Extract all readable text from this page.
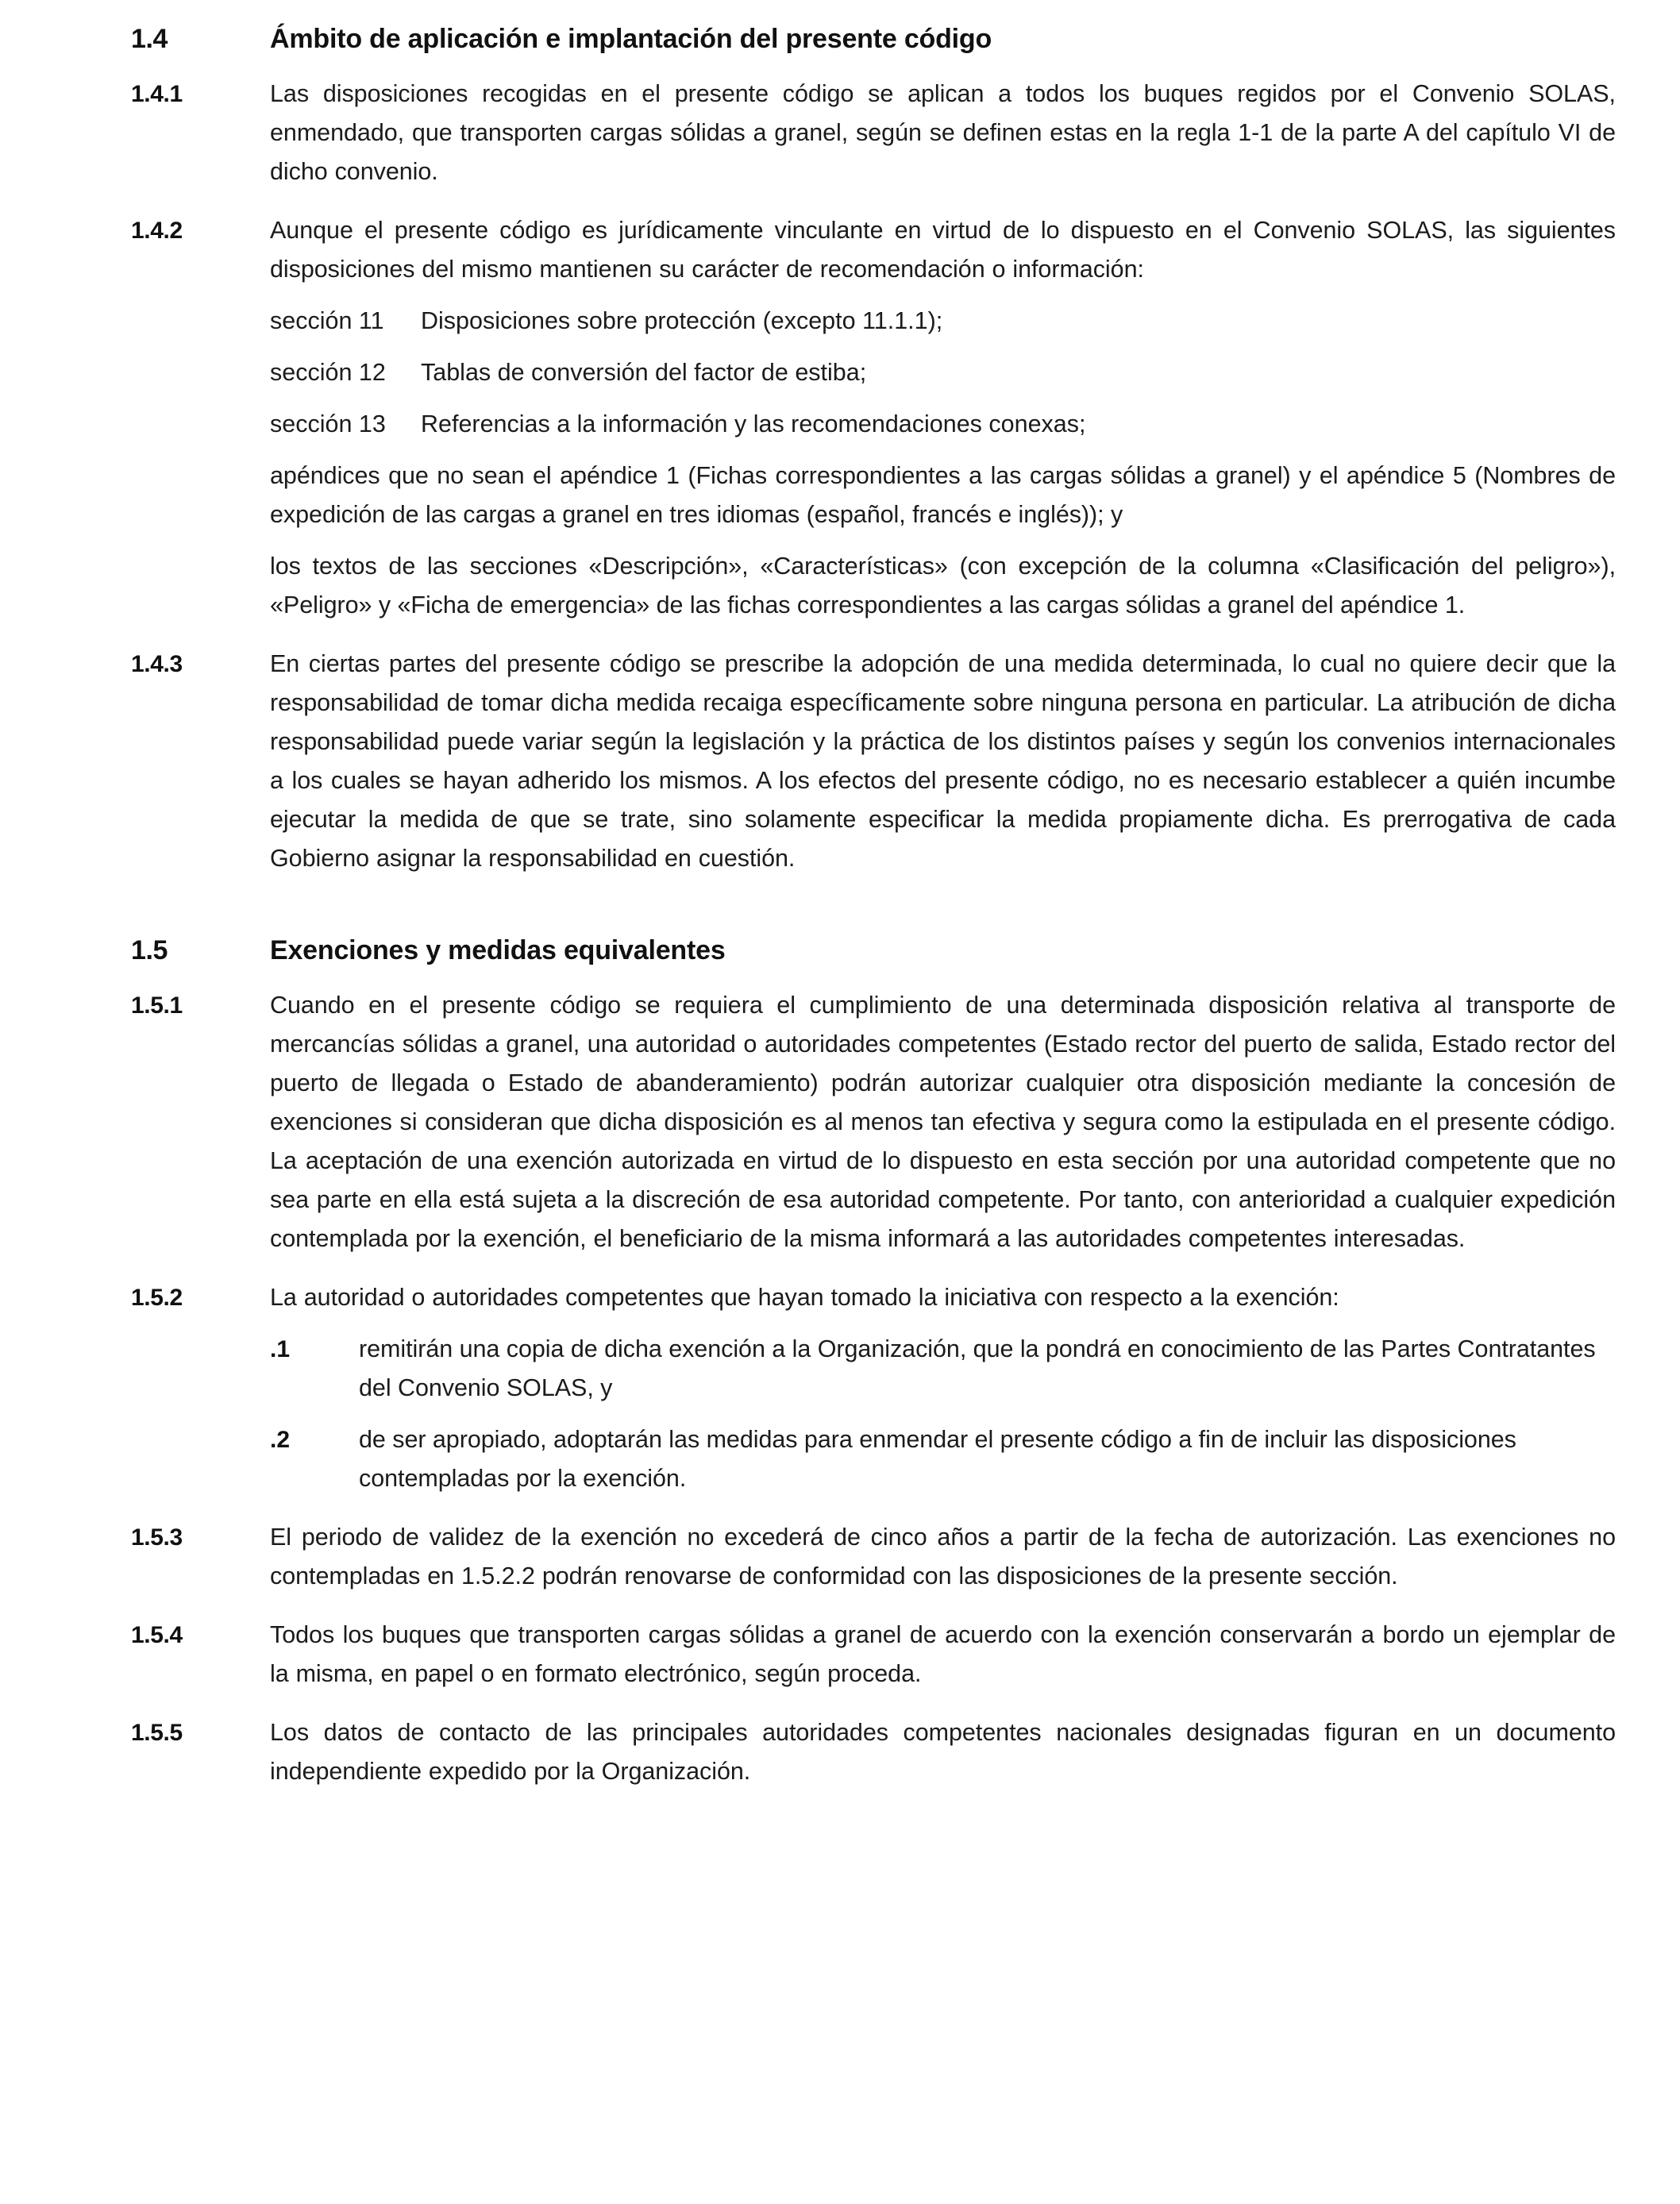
1.4	Ámbito de aplicación e implantación del presente código
1.4.1	Las disposiciones recogidas en el presente código se aplican a todos los buques regidos por el Convenio SOLAS, enmendado, que transporten cargas sólidas a granel, según se definen estas en la regla 1-1 de la parte A del capítulo VI de dicho convenio.
1.4.2	Aunque el presente código es jurídicamente vinculante en virtud de lo dispuesto en el Convenio SOLAS, las siguientes disposiciones del mismo mantienen su carácter de recomendación o información:
sección 11	Disposiciones sobre protección (excepto 11.1.1);
sección 12	Tablas de conversión del factor de estiba;
sección 13	Referencias a la información y las recomendaciones conexas;

apéndices que no sean el apéndice 1 (Fichas correspondientes a las cargas sólidas a granel) y el apéndice 5 (Nombres de expedición de las cargas a granel en tres idiomas (español, francés e inglés)); y

los textos de las secciones «Descripción», «Características» (con excepción de la columna «Clasificación del peligro»), «Peligro» y «Ficha de emergencia» de las fichas correspondientes a las cargas sólidas a granel del apéndice 1.

1.4.3	En ciertas partes del presente código se prescribe la adopción de una medida determinada, lo cual no quiere decir que la responsabilidad de tomar dicha medida recaiga específicamente sobre ninguna persona en particular. La atribución de dicha responsabilidad puede variar según la legislación y la práctica de los distintos países y según los convenios internacionales a los cuales se hayan adherido los mismos. A los efectos del presente código, no es necesario establecer a quién incumbe ejecutar la medida de que se trate, sino solamente especificar la medida propiamente dicha. Es prerrogativa de cada Gobierno asignar la responsabilidad en cuestión.
1.5	Exenciones y medidas equivalentes
1.5.1	Cuando en el presente código se requiera el cumplimiento de una determinada disposición relativa al transporte de mercancías sólidas a granel, una autoridad o autoridades competentes (Estado rector del puerto de salida, Estado rector del puerto de llegada o Estado de abanderamiento) podrán autorizar cualquier otra disposición mediante la concesión de exenciones si consideran que dicha disposición es al menos tan efectiva y segura como la estipulada en el presente código. La aceptación de una exención autorizada en virtud de lo dispuesto en esta sección por una autoridad competente que no sea parte en ella está sujeta a la discreción de esa autoridad competente. Por tanto, con anterioridad a cualquier expedición contemplada por la exención, el beneficiario de la misma informará a las autoridades competentes interesadas.
1.5.2	La autoridad o autoridades competentes que hayan tomado la iniciativa con respecto a la exención:
.1	remitirán una copia de dicha exención a la Organización, que la pondrá en conocimiento de las Partes Contratantes del Convenio SOLAS, y
.2	de ser apropiado, adoptarán las medidas para enmendar el presente código a fin de incluir las disposiciones contempladas por la exención.
1.5.3	El periodo de validez de la exención no excederá de cinco años a partir de la fecha de autorización. Las exenciones no contempladas en 1.5.2.2 podrán renovarse de conformidad con las disposiciones de la presente sección.
1.5.4	Todos los buques que transporten cargas sólidas a granel de acuerdo con la exención conservarán a bordo un ejemplar de la misma, en papel o en formato electrónico, según proceda.
1.5.5	Los datos de contacto de las principales autoridades competentes nacionales designadas figuran en un documento independiente expedido por la Organización.
